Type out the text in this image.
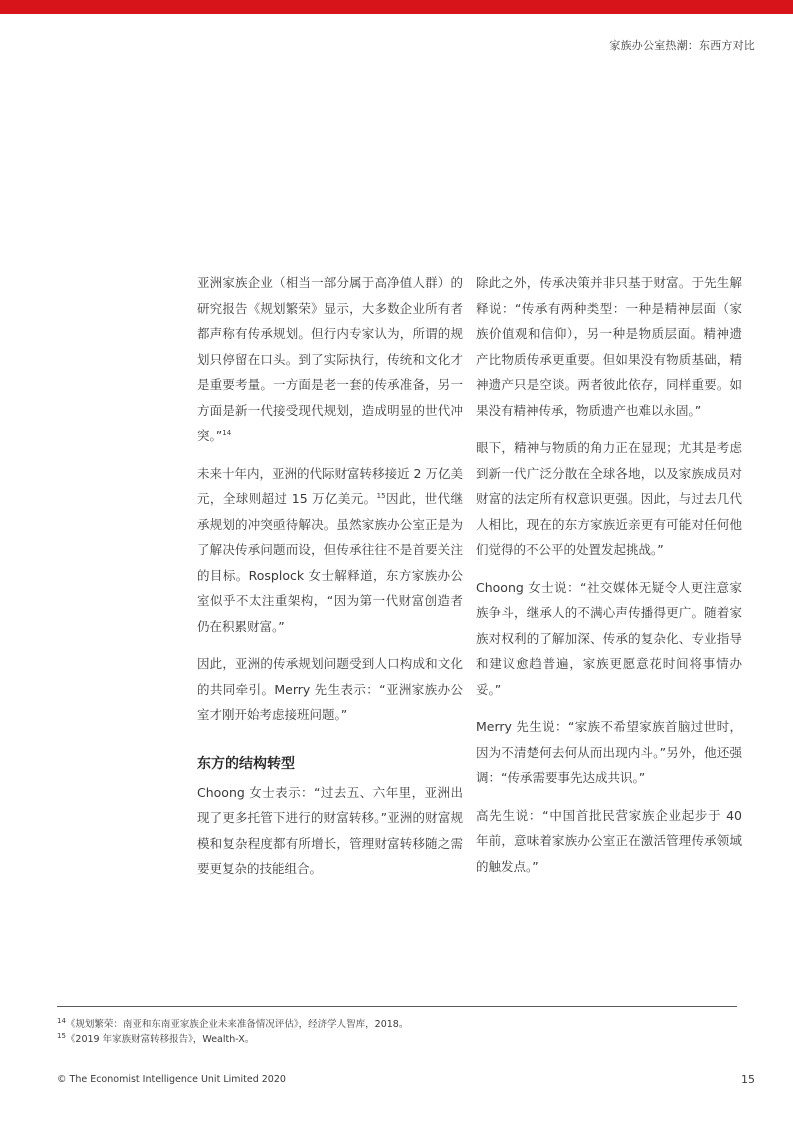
家族办公室热潮：东西方对比

亚洲家族企业（相当一部分属于高净值人群）的研究报告《规划繁荣》显示，大多数企业所有者都声称有传承规划。但行内专家认为，所谓的规划只停留在口头。到了实际执行，传统和文化才是重要考量。一方面是老一套的传承准备，另一方面是新一代接受现代规划，造成明显的世代冲突。”$^{14}$

未来十年内，亚洲的代际财富转移接近 2 万亿美元，全球则超过 15 万亿美元。$^{15}$因此，世代继承规划的冲突亟待解决。虽然家族办公室正是为了解决传承问题而设，但传承往往不是首要关注的目标。Rosplock 女士解释道，东方家族办公室似乎不太注重架构，“因为第一代财富创造者仍在积累财富。”

因此，亚洲的传承规划问题受到人口构成和文化的共同牵引。Merry 先生表示：“亚洲家族办公室才刚开始考虑接班问题。”

东方的结构转型

Choong 女士表示：“过去五、六年里，亚洲出现了更多托管下进行的财富转移。”亚洲的财富规模和复杂程度都有所增长，管理财富转移随之需要更复杂的技能组合。

除此之外，传承决策并非只基于财富。于先生解释说：“传承有两种类型：一种是精神层面（家族价值观和信仰），另一种是物质层面。精神遗产比物质传承更重要。但如果没有物质基础，精神遗产只是空谈。两者彼此依存，同样重要。如果没有精神传承，物质遗产也难以永固。”

眼下，精神与物质的角力正在显现；尤其是考虑到新一代广泛分散在全球各地，以及家族成员对财富的法定所有权意识更强。因此，与过去几代人相比，现在的东方家族近亲更有可能对任何他们觉得的不公平的处置发起挑战。”

Choong 女士说：“社交媒体无疑令人更注意家族争斗，继承人的不满心声传播得更广。随着家族对权利的了解加深、传承的复杂化、专业指导和建议愈趋普遍，家族更愿意花时间将事情办妥。”

Merry 先生说：“家族不希望家族首脑过世时，因为不清楚何去何从而出现内斗。”另外，他还强调：“传承需要事先达成共识。”

高先生说：“中国首批民营家族企业起步于 40 年前，意味着家族办公室正在激活管理传承领域的触发点。”

$^{14}$《规划繁荣：南亚和东南亚家族企业未来准备情况评估》，经济学人智库，2018。
$^{15}$《2019 年家族财富转移报告》，Wealth-X。
© The Economist Intelligence Unit Limited 2020	15
